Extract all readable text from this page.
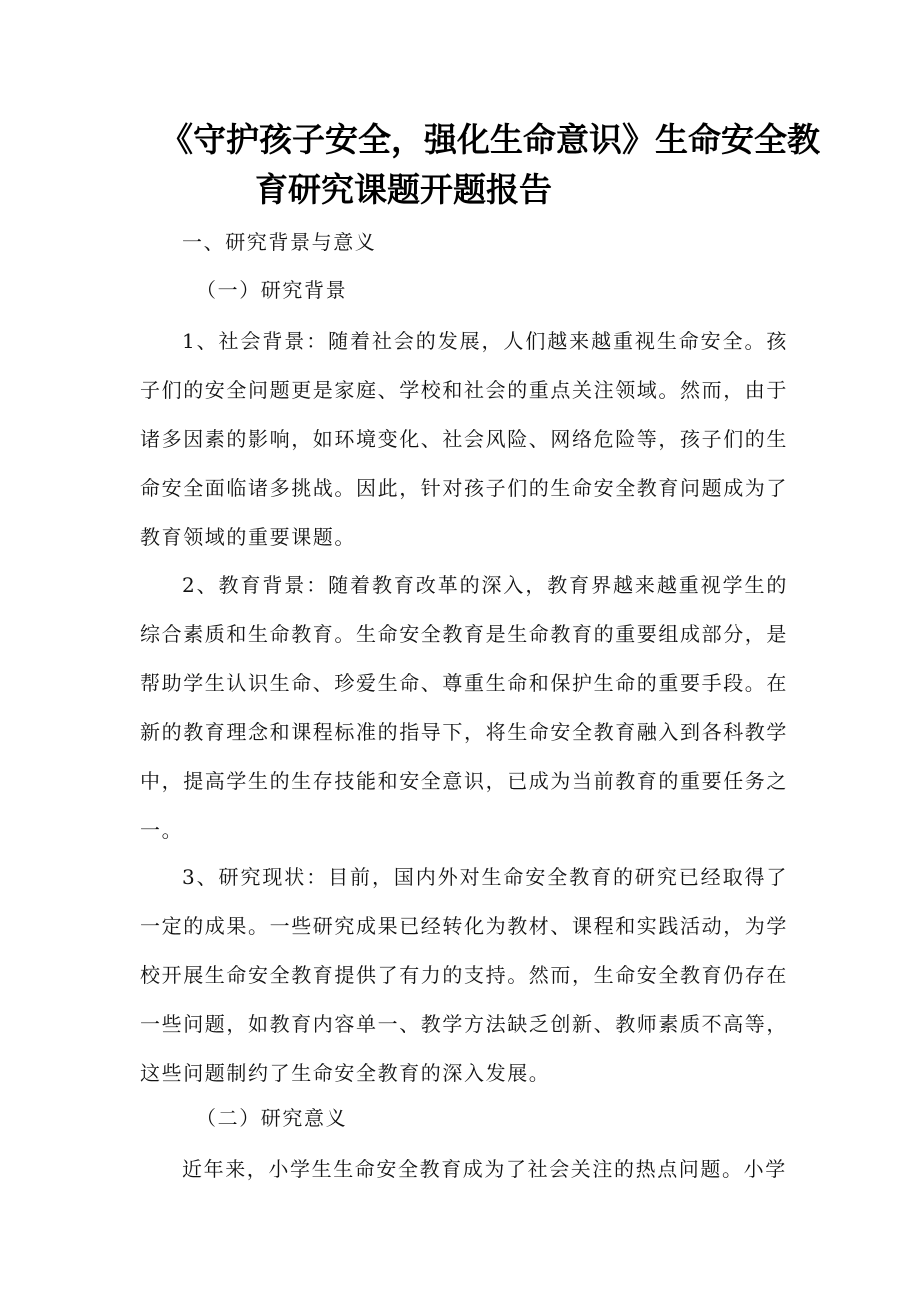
《守护孩子安全，强化生命意识》生命安全教
育研究课题开题报告
一、研究背景与意义
（一）研究背景
1、社会背景：随着社会的发展，人们越来越重视生命安全。孩子们的安全问题更是家庭、学校和社会的重点关注领域。然而，由于诸多因素的影响，如环境变化、社会风险、网络危险等，孩子们的生命安全面临诸多挑战。因此，针对孩子们的生命安全教育问题成为了教育领域的重要课题。
2、教育背景：随着教育改革的深入，教育界越来越重视学生的综合素质和生命教育。生命安全教育是生命教育的重要组成部分，是帮助学生认识生命、珍爱生命、尊重生命和保护生命的重要手段。在新的教育理念和课程标准的指导下，将生命安全教育融入到各科教学中，提高学生的生存技能和安全意识，已成为当前教育的重要任务之一。
3、研究现状：目前，国内外对生命安全教育的研究已经取得了一定的成果。一些研究成果已经转化为教材、课程和实践活动，为学校开展生命安全教育提供了有力的支持。然而，生命安全教育仍存在一些问题，如教育内容单一、教学方法缺乏创新、教师素质不高等，这些问题制约了生命安全教育的深入发展。
（二）研究意义
近年来，小学生生命安全教育成为了社会关注的热点问题。小学
